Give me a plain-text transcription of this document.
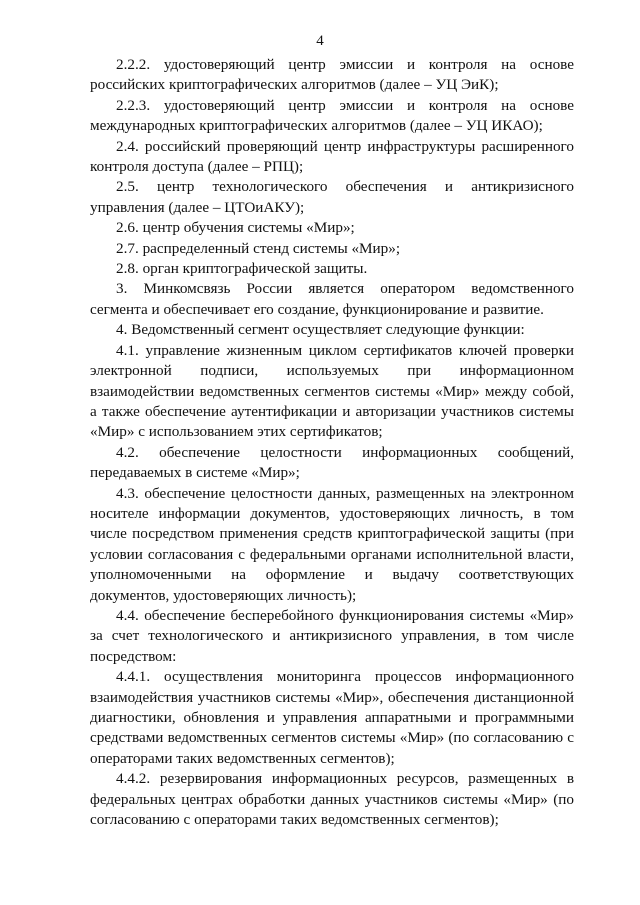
4

2.2.2. удостоверяющий центр эмиссии и контроля на основе российских криптографических алгоритмов (далее – УЦ ЭиК);

2.2.3. удостоверяющий центр эмиссии и контроля на основе международных криптографических алгоритмов (далее – УЦ ИКАО);

2.4. российский проверяющий центр инфраструктуры расширенного контроля доступа (далее – РПЦ);

2.5. центр технологического обеспечения и антикризисного управления (далее – ЦТОиАКУ);

2.6. центр обучения системы «Мир»;

2.7. распределенный стенд системы «Мир»;

2.8. орган криптографической защиты.

3. Минкомсвязь России является оператором ведомственного сегмента и обеспечивает его создание, функционирование и развитие.

4. Ведомственный сегмент осуществляет следующие функции:

4.1. управление жизненным циклом сертификатов ключей проверки электронной подписи, используемых при информационном взаимодействии ведомственных сегментов системы «Мир» между собой, а также обеспечение аутентификации и авторизации участников системы «Мир» с использованием этих сертификатов;

4.2. обеспечение целостности информационных сообщений, передаваемых в системе «Мир»;

4.3. обеспечение целостности данных, размещенных на электронном носителе информации документов, удостоверяющих личность, в том числе посредством применения средств криптографической защиты (при условии согласования с федеральными органами исполнительной власти, уполномоченными на оформление и выдачу соответствующих документов, удостоверяющих личность);

4.4. обеспечение бесперебойного функционирования системы «Мир» за счет технологического и антикризисного управления, в том числе посредством:

4.4.1. осуществления мониторинга процессов информационного взаимодействия участников системы «Мир», обеспечения дистанционной диагностики, обновления и управления аппаратными и программными средствами ведомственных сегментов системы «Мир» (по согласованию с операторами таких ведомственных сегментов);

4.4.2. резервирования информационных ресурсов, размещенных в федеральных центрах обработки данных участников системы «Мир» (по согласованию с операторами таких ведомственных сегментов);
